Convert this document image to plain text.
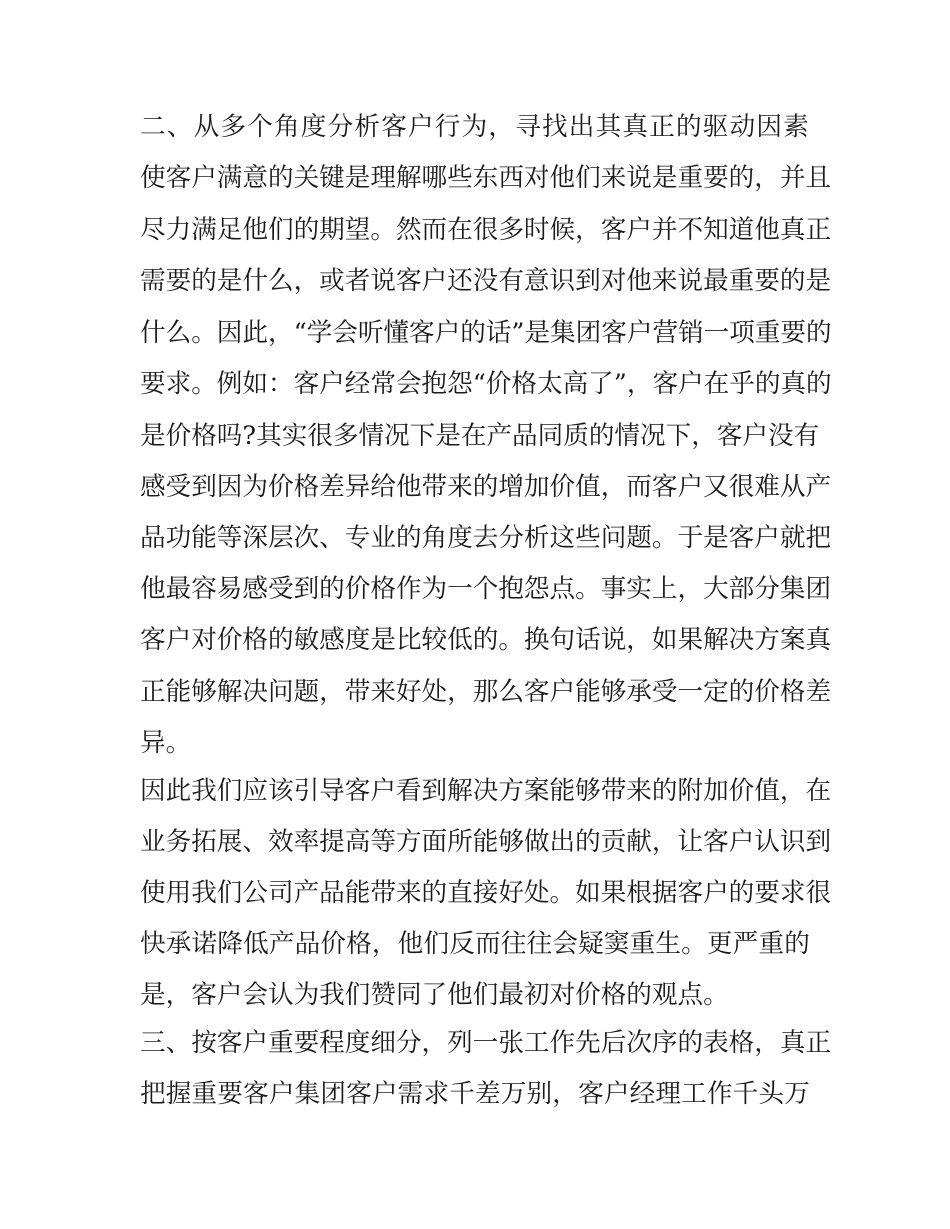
二、从多个角度分析客户行为，寻找出其真正的驱动因素
使客户满意的关键是理解哪些东西对他们来说是重要的，并且
尽力满足他们的期望。然而在很多时候，客户并不知道他真正
需要的是什么，或者说客户还没有意识到对他来说最重要的是
什么。因此，“学会听懂客户的话”是集团客户营销一项重要的
要求。例如：客户经常会抱怨“价格太高了”，客户在乎的真的
是价格吗?其实很多情况下是在产品同质的情况下，客户没有
感受到因为价格差异给他带来的增加价值，而客户又很难从产
品功能等深层次、专业的角度去分析这些问题。于是客户就把
他最容易感受到的价格作为一个抱怨点。事实上，大部分集团
客户对价格的敏感度是比较低的。换句话说，如果解决方案真
正能够解决问题，带来好处，那么客户能够承受一定的价格差
异。
因此我们应该引导客户看到解决方案能够带来的附加价值，在
业务拓展、效率提高等方面所能够做出的贡献，让客户认识到
使用我们公司产品能带来的直接好处。如果根据客户的要求很
快承诺降低产品价格，他们反而往往会疑窦重生。更严重的
是，客户会认为我们赞同了他们最初对价格的观点。
三、按客户重要程度细分，列一张工作先后次序的表格，真正
把握重要客户集团客户需求千差万别，客户经理工作千头万
